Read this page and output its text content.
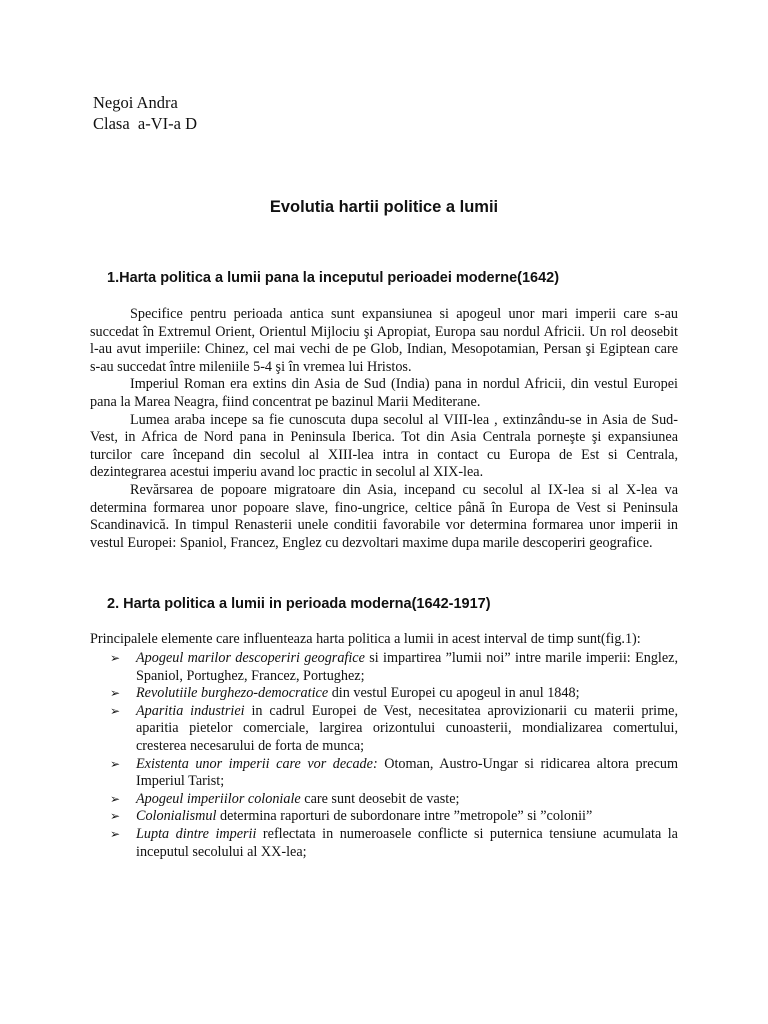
Negoi Andra
Clasa  a-VI-a D
Evolutia hartii politice a lumii
1.Harta politica a lumii pana la inceputul perioadei moderne(1642)

Specifice pentru perioada antica sunt expansiunea si apogeul unor mari imperii care s-au succedat în Extremul Orient, Orientul Mijlociu şi Apropiat, Europa sau nordul Africii. Un rol deosebit l-au avut imperiile: Chinez, cel mai vechi de pe Glob, Indian, Mesopotamian, Persan şi Egiptean care s-au succedat între mileniile 5-4 şi în vremea lui Hristos.

Imperiul Roman era extins din Asia de Sud (India) pana in nordul Africii, din vestul Europei pana la Marea Neagra, fiind concentrat pe bazinul Marii Mediterane.

Lumea araba incepe sa fie cunoscuta dupa secolul al VIII-lea , extinzându-se in Asia de Sud-Vest, in Africa de Nord pana in Peninsula Iberica. Tot din Asia Centrala porneşte şi expansiunea turcilor care începand din secolul al XIII-lea intra in contact cu Europa de Est si Centrala, dezintegrarea acestui imperiu avand loc practic in secolul al XIX-lea.

Revărsarea de popoare migratoare din Asia, incepand cu secolul al IX-lea si al X-lea va determina formarea unor popoare slave, fino-ungrice, celtice până în Europa de Vest si Peninsula Scandinavică. In timpul Renasterii unele conditii favorabile vor determina formarea unor imperii in vestul Europei: Spaniol, Francez, Englez cu dezvoltari maxime dupa marile descoperiri geografice.

2. Harta politica a lumii in perioada moderna(1642-1917)
Principalele elemente care influenteaza harta politica a lumii in acest interval de timp sunt(fig.1):
➢ Apogeul marilor descoperiri geografice si impartirea ”lumii noi” intre marile imperii: Englez, Spaniol, Portughez, Francez, Portughez;
➢ Revolutiile burghezo-democratice din vestul Europei cu apogeul in anul 1848;
➢ Aparitia industriei in cadrul Europei de Vest, necesitatea aprovizionarii cu materii prime, aparitia pietelor comerciale, largirea orizontului cunoasterii, mondializarea comertului, cresterea necesarului de forta de munca;
➢ Existenta unor imperii care vor decade: Otoman, Austro-Ungar si ridicarea altora precum Imperiul Tarist;
➢ Apogeul imperiilor coloniale care sunt deosebit de vaste;
➢ Colonialismul determina raporturi de subordonare intre ”metropole” si ”colonii”
➢ Lupta dintre imperii reflectata in numeroasele conflicte si puternica tensiune acumulata la inceputul secolului al XX-lea;
